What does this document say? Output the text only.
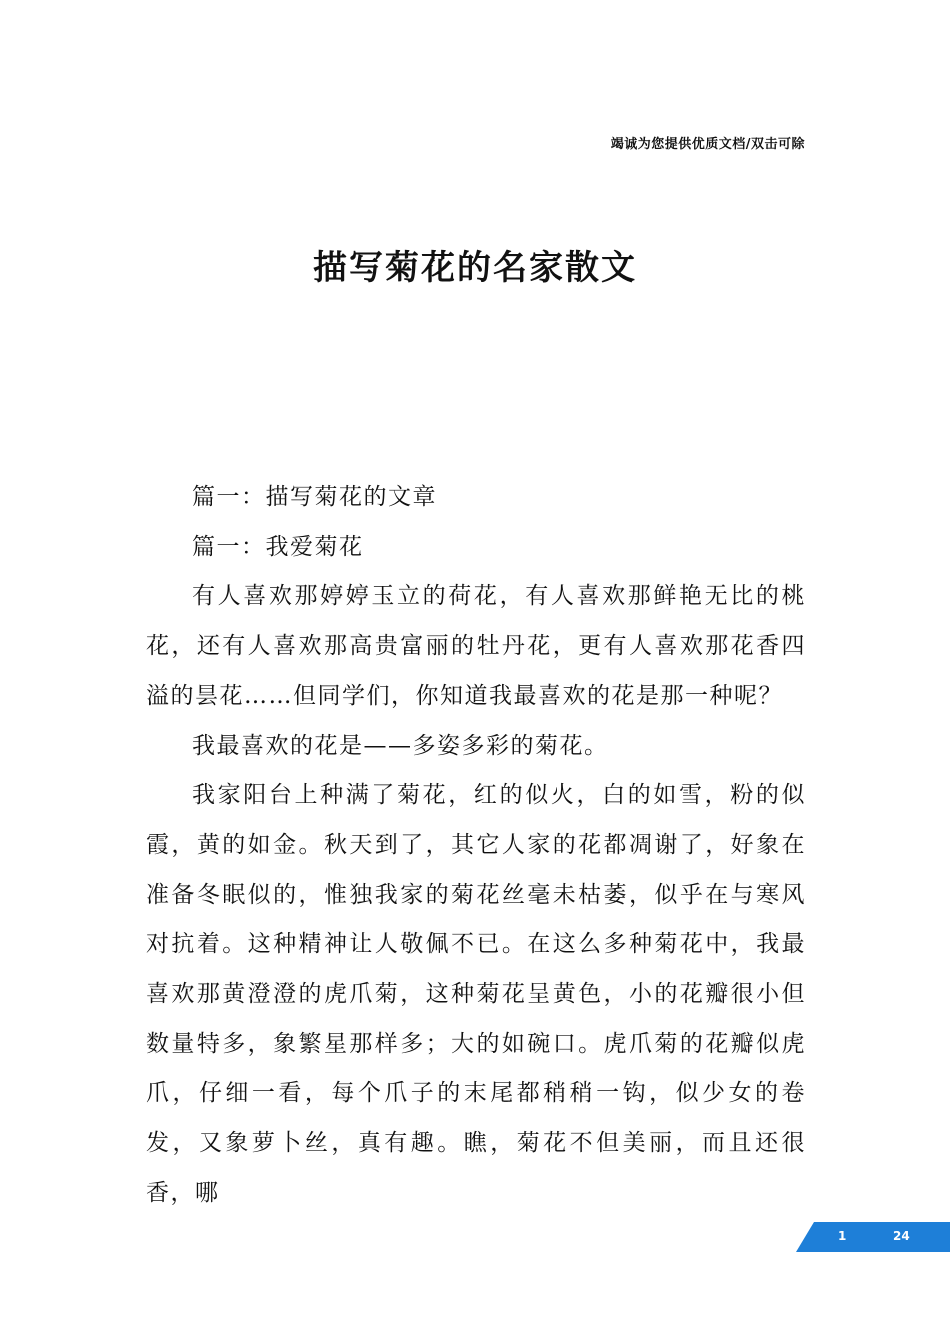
竭诚为您提供优质文档/双击可除
描写菊花的名家散文

篇一：描写菊花的文章

篇一：我爱菊花

有人喜欢那婷婷玉立的荷花，有人喜欢那鲜艳无比的桃花，还有人喜欢那高贵富丽的牡丹花，更有人喜欢那花香四溢的昙花……但同学们，你知道我最喜欢的花是那一种呢？

我最喜欢的花是——多姿多彩的菊花。

我家阳台上种满了菊花，红的似火，白的如雪，粉的似霞，黄的如金。秋天到了，其它人家的花都凋谢了，好象在准备冬眠似的，惟独我家的菊花丝毫未枯萎，似乎在与寒风对抗着。这种精神让人敬佩不已。在这么多种菊花中，我最喜欢那黄澄澄的虎爪菊，这种菊花呈黄色，小的花瓣很小但数量特多，象繁星那样多；大的如碗口。虎爪菊的花瓣似虎爪，仔细一看，每个爪子的末尾都稍稍一钩，似少女的卷发，又象萝卜丝，真有趣。瞧，菊花不但美丽，而且还很香，哪

1	24
